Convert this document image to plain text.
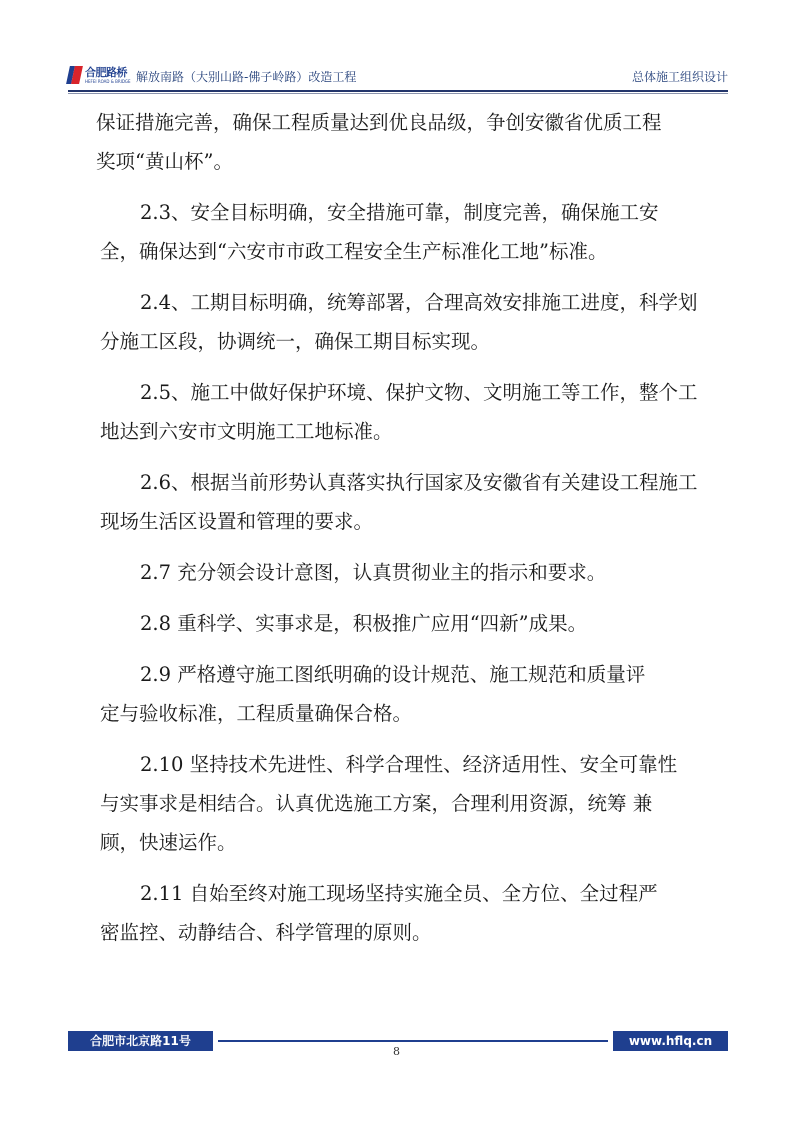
合肥路桥
HEFEI ROAD & BRIDGE 解放南路（大别山路-佛子岭路）改造工程	总体施工组织设计

保证措施完善，确保工程质量达到优良品级，争创安徽省优质工程
奖项“黄山杯”。

2.3、安全目标明确，安全措施可靠，制度完善，确保施工安
全，确保达到“六安市市政工程安全生产标准化工地”标准。

2.4、工期目标明确，统筹部署，合理高效安排施工进度，科学划
分施工区段，协调统一，确保工期目标实现。

2.5、施工中做好保护环境、保护文物、文明施工等工作，整个工
地达到六安市文明施工工地标准。

2.6、根据当前形势认真落实执行国家及安徽省有关建设工程施工
现场生活区设置和管理的要求。

2.7 充分领会设计意图，认真贯彻业主的指示和要求。

2.8 重科学、实事求是，积极推广应用“四新”成果。

2.9 严格遵守施工图纸明确的设计规范、施工规范和质量评
定与验收标准，工程质量确保合格。

2.10 坚持技术先进性、科学合理性、经济适用性、安全可靠性
与实事求是相结合。认真优选施工方案，合理利用资源，统筹 兼
顾，快速运作。

2.11 自始至终对施工现场坚持实施全员、全方位、全过程严
密监控、动静结合、科学管理的原则。

合肥市北京路11号	www.hflq.cn
8
